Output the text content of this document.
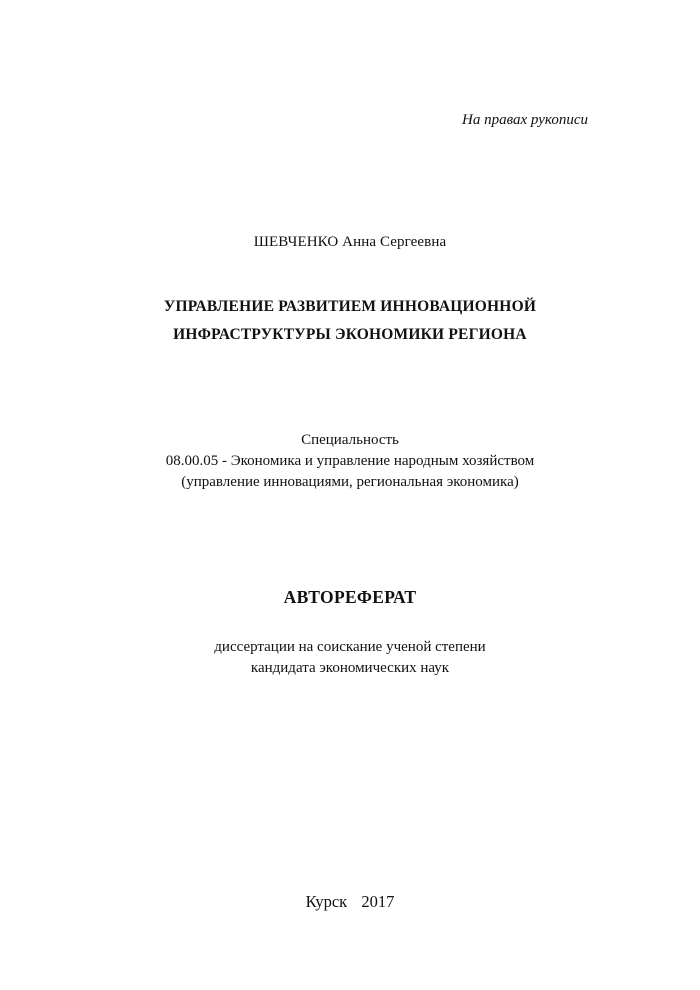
На правах рукописи
ШЕВЧЕНКО Анна Сергеевна
УПРАВЛЕНИЕ РАЗВИТИЕМ ИННОВАЦИОННОЙ
ИНФРАСТРУКТУРЫ ЭКОНОМИКИ РЕГИОНА
Специальность
08.00.05 - Экономика и управление народным хозяйством
(управление инновациями, региональная экономика)
АВТОРЕФЕРАТ
диссертации на соискание ученой степени
кандидата экономических наук
Курск  2017
